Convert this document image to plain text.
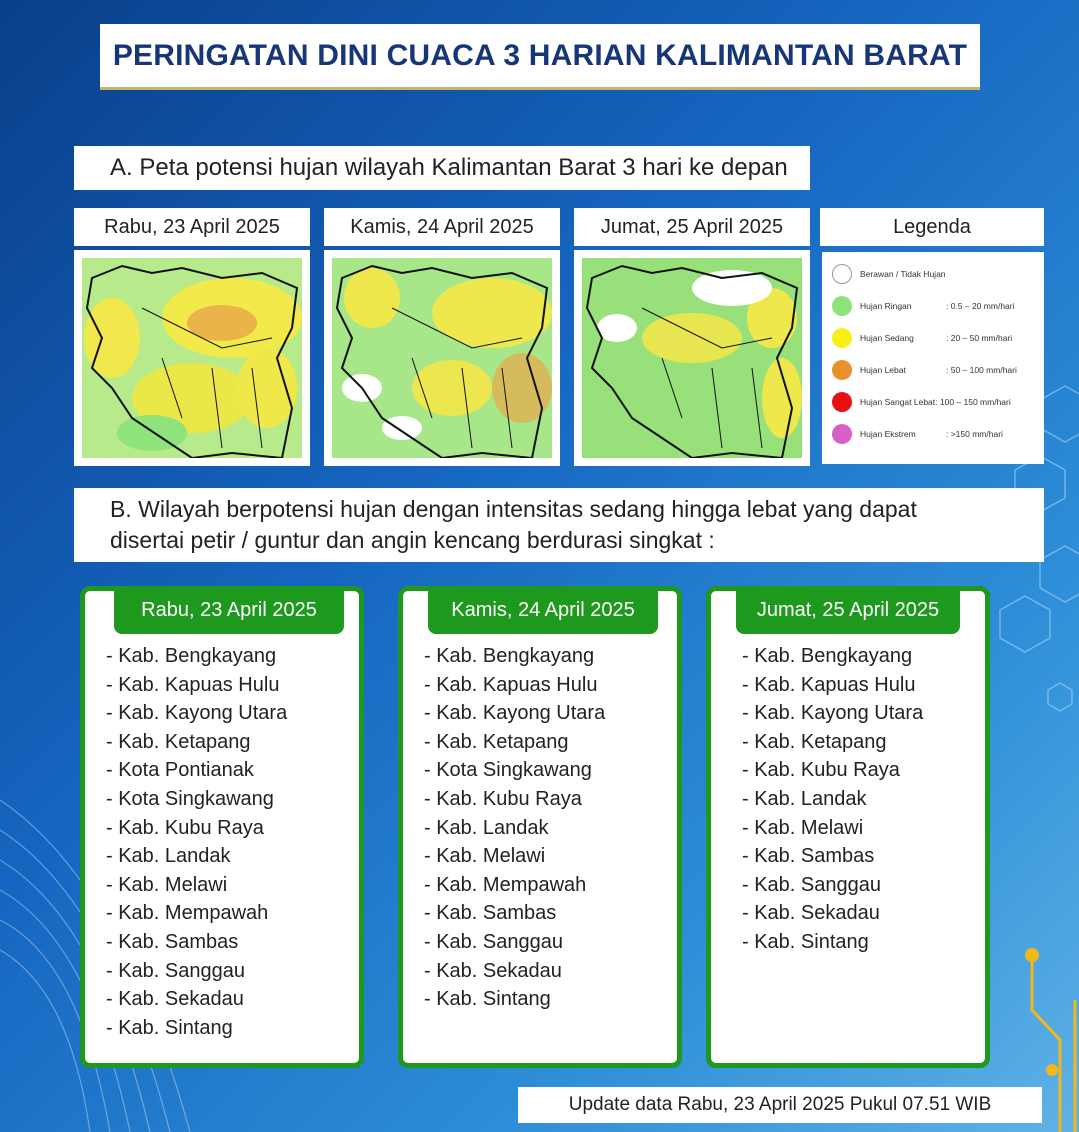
PERINGATAN DINI CUACA 3 HARIAN KALIMANTAN BARAT
A. Peta potensi hujan wilayah Kalimantan Barat 3 hari ke depan
Rabu, 23 April 2025	Kamis, 24 April 2025	Jumat, 25 April 2025	Legenda
Berawan / Tidak Hujan
Hujan Ringan	: 0.5 – 20 mm/hari
Hujan Sedang	: 20 – 50 mm/hari
Hujan Lebat	: 50 – 100 mm/hari
Hujan Sangat Lebat : 100 – 150 mm/hari
Hujan Ekstrem	: >150 mm/hari
B. Wilayah berpotensi hujan dengan intensitas sedang hingga lebat yang dapat
disertai petir / guntur dan angin kencang berdurasi singkat :
Rabu, 23 April 2025
- Kab. Bengkayang
- Kab. Kapuas Hulu
- Kab. Kayong Utara
- Kab. Ketapang
- Kota Pontianak
- Kota Singkawang
- Kab. Kubu Raya
- Kab. Landak
- Kab. Melawi
- Kab. Mempawah
- Kab. Sambas
- Kab. Sanggau
- Kab. Sekadau
- Kab. Sintang
Kamis, 24 April 2025
- Kab. Bengkayang
- Kab. Kapuas Hulu
- Kab. Kayong Utara
- Kab. Ketapang
- Kota Singkawang
- Kab. Kubu Raya
- Kab. Landak
- Kab. Melawi
- Kab. Mempawah
- Kab. Sambas
- Kab. Sanggau
- Kab. Sekadau
- Kab. Sintang
Jumat, 25 April 2025
- Kab. Bengkayang
- Kab. Kapuas Hulu
- Kab. Kayong Utara
- Kab. Ketapang
- Kab. Kubu Raya
- Kab. Landak
- Kab. Melawi
- Kab. Sambas
- Kab. Sanggau
- Kab. Sekadau
- Kab. Sintang
Update data Rabu, 23 April 2025 Pukul 07.51 WIB
